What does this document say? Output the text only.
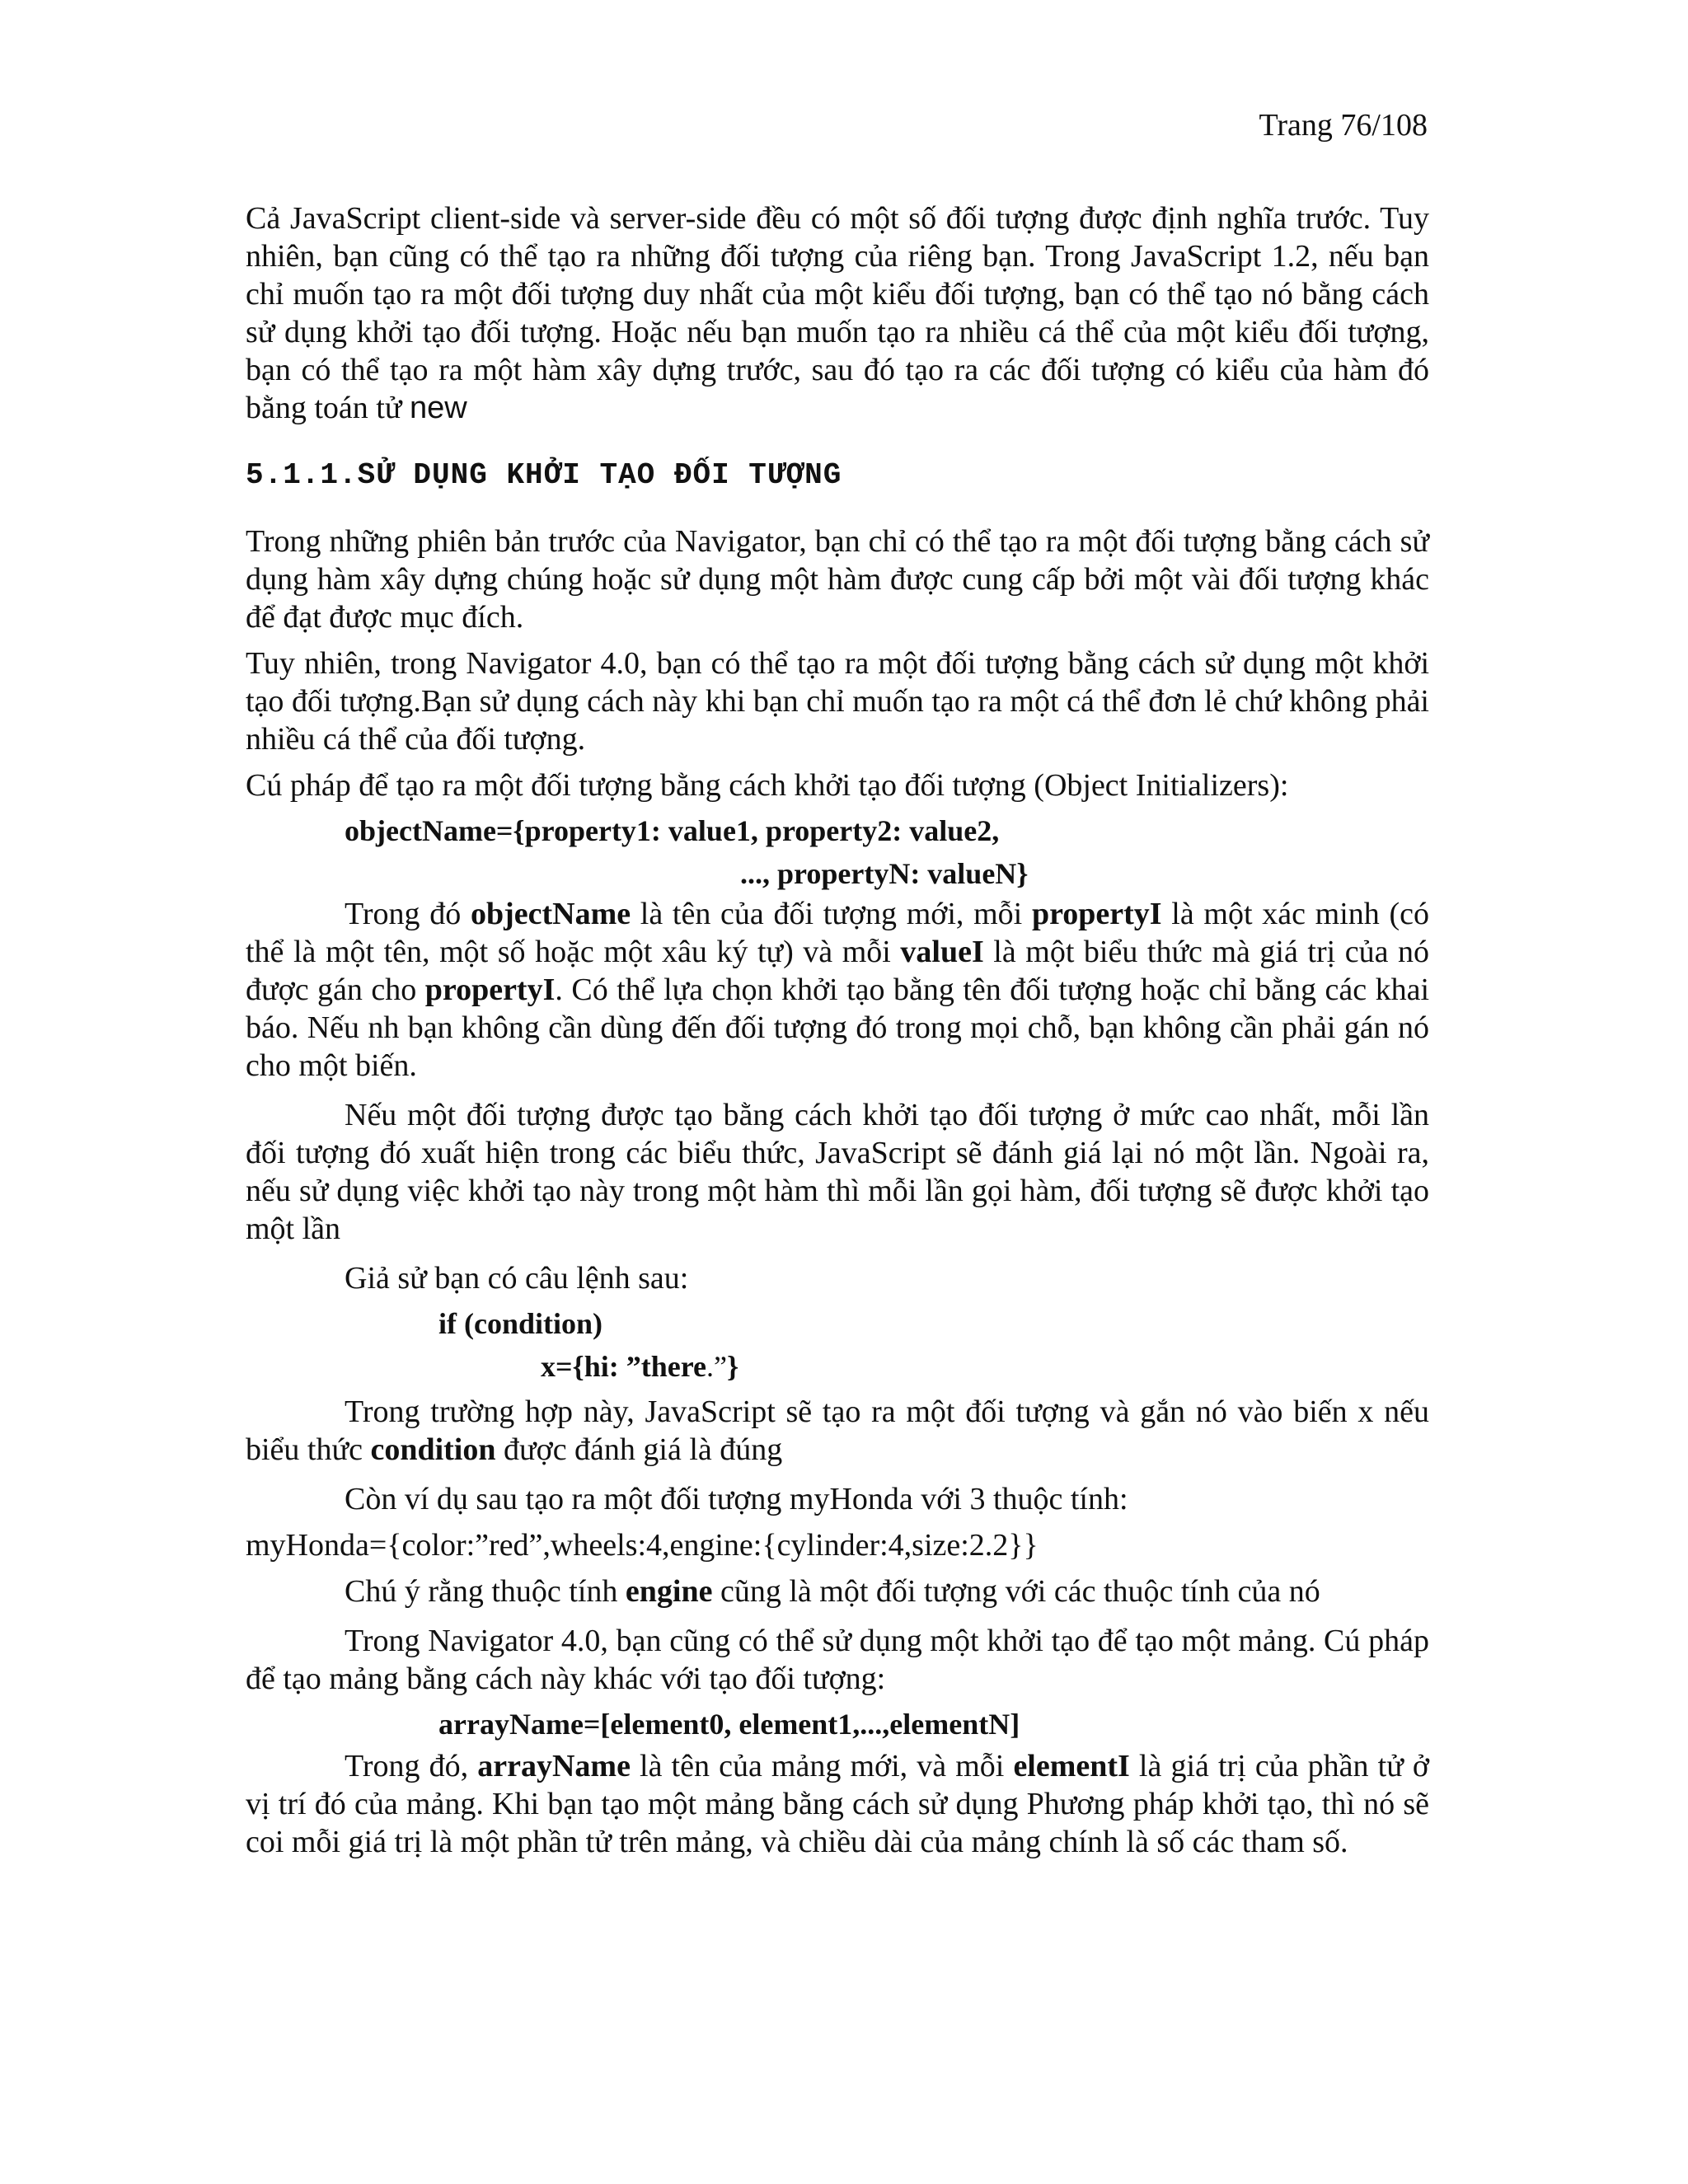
Trang 76/108

Cả JavaScript client-side và server-side đều có một số đối tượng được định nghĩa trước. Tuy nhiên, bạn cũng có thể tạo ra những đối tượng của riêng bạn. Trong JavaScript 1.2, nếu bạn chỉ muốn tạo ra một đối tượng duy nhất của một kiểu đối tượng, bạn có thể tạo nó bằng cách sử dụng khởi tạo đối tượng. Hoặc nếu bạn muốn tạo ra nhiều cá thể của một kiểu đối tượng, bạn có thể tạo ra một hàm xây dựng trước, sau đó tạo ra các đối tượng có kiểu của hàm đó bằng toán tử new

5.1.1.SỬ DỤNG KHỞI TẠO ĐỐI TƯỢNG

Trong những phiên bản trước của Navigator, bạn chỉ có thể tạo ra một đối tượng bằng cách sử dụng hàm xây dựng chúng hoặc sử dụng một hàm được cung cấp bởi một vài đối tượng khác để đạt được mục đích.

Tuy nhiên, trong Navigator 4.0, bạn có thể tạo ra một đối tượng bằng cách sử dụng một khởi tạo đối tượng.Bạn sử dụng cách này khi bạn chỉ muốn tạo ra một cá thể đơn lẻ chứ không phải nhiều cá thể của đối tượng.

Cú pháp để tạo ra một đối tượng bằng cách khởi tạo đối tượng (Object Initializers):

objectName={property1: value1, property2: value2,
..., propertyN: valueN}

Trong đó objectName là tên của đối tượng mới, mỗi propertyI là một xác minh (có thể là một tên, một số hoặc một xâu ký tự) và mỗi valueI là một biểu thức mà giá trị của nó được gán cho propertyI. Có thể lựa chọn khởi tạo bằng tên đối tượng hoặc chỉ bằng các khai báo. Nếu nh bạn không cần dùng đến đối tượng đó trong mọi chỗ, bạn không cần phải gán nó cho một biến.

Nếu một đối tượng được tạo bằng cách khởi tạo đối tượng ở mức cao nhất, mỗi lần đối tượng đó xuất hiện trong các biểu thức, JavaScript sẽ đánh giá lại nó một lần. Ngoài ra, nếu sử dụng việc khởi tạo này trong một hàm thì mỗi lần gọi hàm, đối tượng sẽ được khởi tạo một lần

Giả sử bạn có câu lệnh sau:

if (condition)
x={hi: ”there.”}

Trong trường hợp này, JavaScript sẽ tạo ra một đối tượng và gắn nó vào biến x nếu biểu thức condition được đánh giá là đúng

Còn ví dụ sau tạo ra một đối tượng myHonda với 3 thuộc tính:

myHonda={color:”red”,wheels:4,engine:{cylinder:4,size:2.2}}

Chú ý rằng thuộc tính engine cũng là một đối tượng với các thuộc tính của nó

Trong Navigator 4.0, bạn cũng có thể sử dụng một khởi tạo để tạo một mảng. Cú pháp để tạo mảng bằng cách này khác với tạo đối tượng:

arrayName=[element0, element1,...,elementN]

Trong đó, arrayName là tên của mảng mới, và mỗi elementI là giá trị của phần tử ở vị trí đó của mảng. Khi bạn tạo một mảng bằng cách sử dụng Phương pháp khởi tạo, thì nó sẽ coi mỗi giá trị là một phần tử trên mảng, và chiều dài của mảng chính là số các tham số.
